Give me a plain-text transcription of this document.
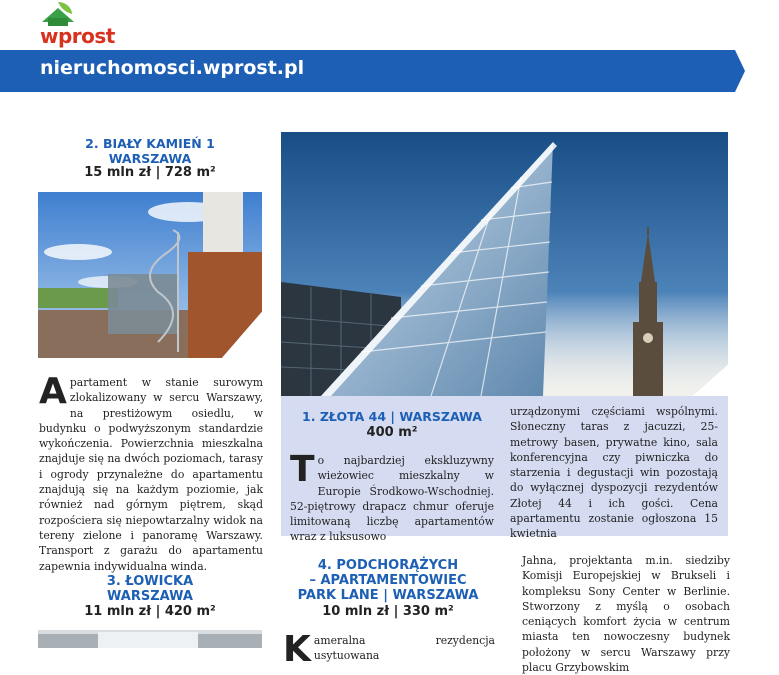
wprost
nieruchomosci.wprost.pl
2. BIAŁY KAMIEŃ 1
WARSZAWA
15 mln zł | 728 m²
Apartament w stanie surowym zlokalizowany w sercu Warszawy, na prestiżowym osiedlu, w budynku o podwyższonym standardzie wykończenia. Powierzchnia mieszkalna znajduje się na dwóch poziomach, tarasy i ogrody przynależne do apartamentu znajdują się na każdym poziomie, jak również nad górnym piętrem, skąd rozpościera się niepowtarzalny widok na tereny zielone i panoramę Warszawy. Transport z garażu do apartamentu zapewnia indywidualna winda.
3. ŁOWICKA
WARSZAWA
11 mln zł | 420 m²
1. ZŁOTA 44 | WARSZAWA
400 m²
To najbardziej ekskluzywny wieżowiec mieszkalny w Europie Środkowo-Wschodniej. 52-piętrowy drapacz chmur oferuje limitowaną liczbę apartamentów wraz z luksusowo
urządzonymi częściami wspólnymi. Słoneczny taras z jacuzzi, 25-metrowy basen, prywatne kino, sala konferencyjna czy piwniczka do starzenia i degustacji win pozostają do wyłącznej dyspozycji rezydentów Złotej 44 i ich gości. Cena apartamentu zostanie ogłoszona 15 kwietnia
4. PODCHORĄŻYCH
– APARTAMENTOWIEC
PARK LANE | WARSZAWA
10 mln zł | 330 m²
Kameralna rezydencja usytuowana
Jahna, projektanta m.in. siedziby Komisji Europejskiej w Brukseli i kompleksu Sony Center w Berlinie. Stworzony z myślą o osobach ceniących komfort życia w centrum miasta ten nowoczesny budynek położony w sercu Warszawy przy placu Grzybowskim
